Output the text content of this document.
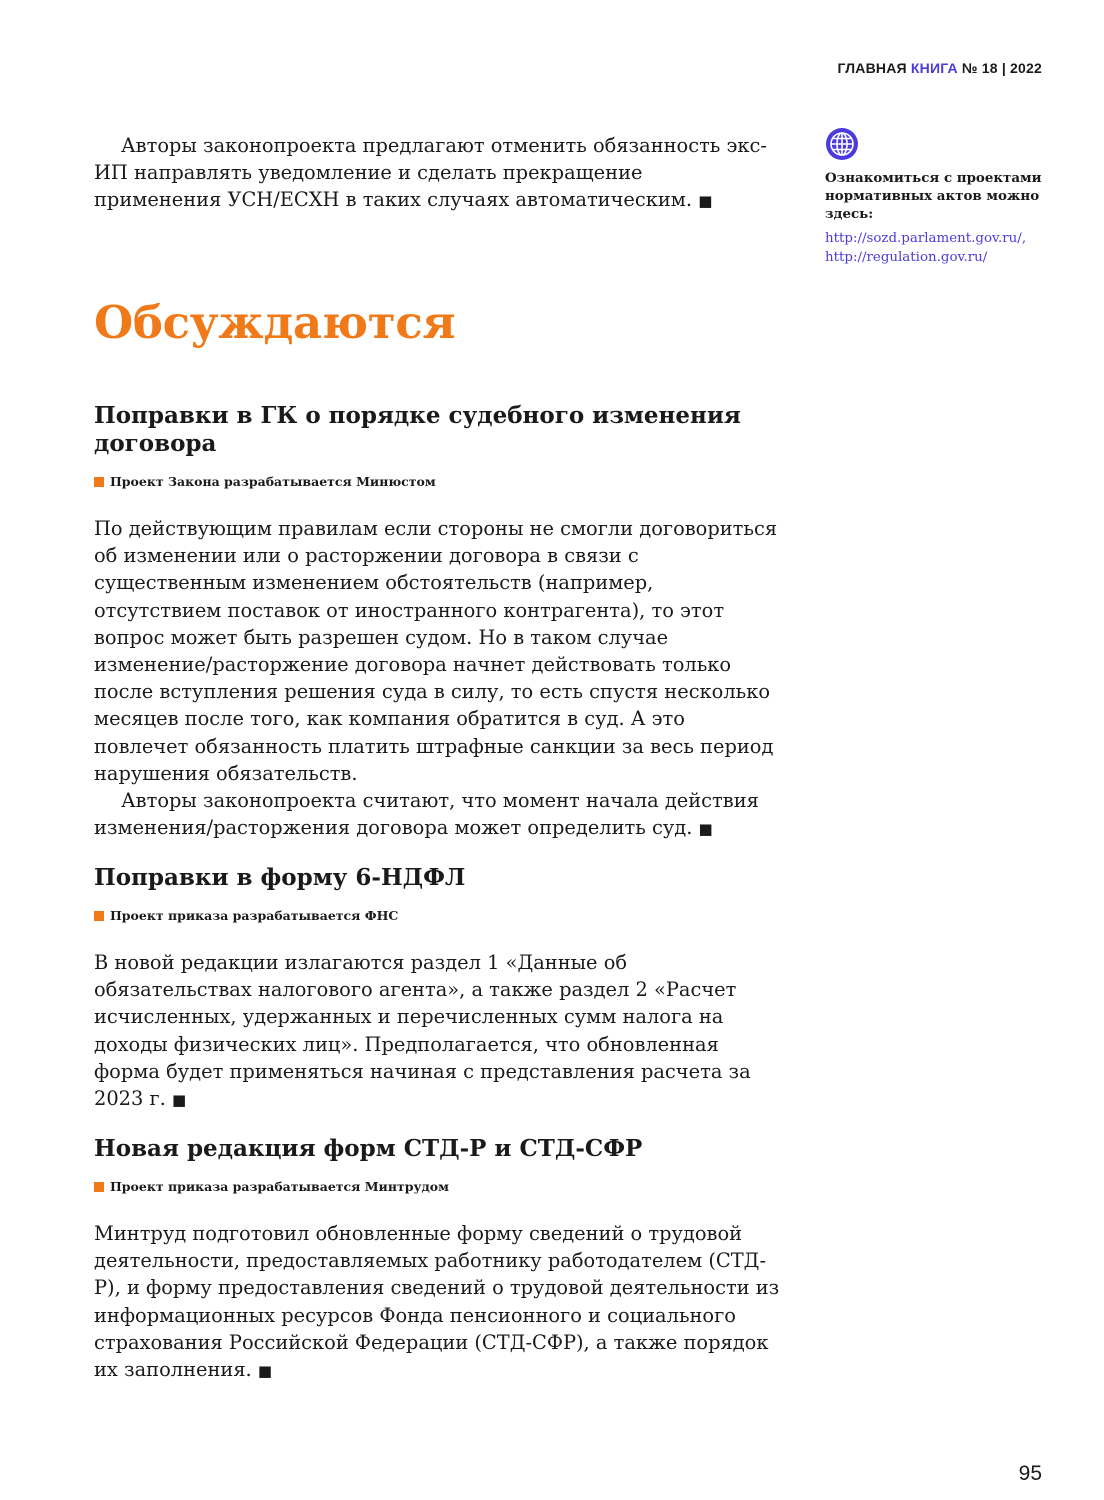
ГЛАВНАЯ КНИГА № 18 | 2022

Авторы законопроекта предлагают отменить обязанность экс-ИП направлять уведомление и сделать прекращение применения УСН/ЕСХН в таких случаях автоматическим. ■

Ознакомиться с проектами нормативных актов можно здесь:

http://sozd.parlament.gov.ru/,
http://regulation.gov.ru/
Обсуждаются
Поправки в ГК о порядке судебного изменения договора
Проект Закона разрабатывается Минюстом

По действующим правилам если стороны не смогли договориться об изменении или о расторжении договора в связи с существенным изменением обстоятельств (например, отсутствием поставок от иностранного контрагента), то этот вопрос может быть разрешен судом. Но в таком случае изменение/расторжение договора начнет действовать только после вступления решения суда в силу, то есть спустя несколько месяцев после того, как компания обратится в суд. А это повлечет обязанность платить штрафные санкции за весь период нарушения обязательств.

Авторы законопроекта считают, что момент начала действия изменения/расторжения договора может определить суд. ■

Поправки в форму 6-НДФЛ
Проект приказа разрабатывается ФНС

В новой редакции излагаются раздел 1 «Данные об обязательствах налогового агента», а также раздел 2 «Расчет исчисленных, удержанных и перечисленных сумм налога на доходы физических лиц». Предполагается, что обновленная форма будет применяться начиная с представления расчета за 2023 г. ■

Новая редакция форм СТД-Р и СТД-СФР
Проект приказа разрабатывается Минтрудом

Минтруд подготовил обновленные форму сведений о трудовой деятельности, предоставляемых работнику работодателем (СТД-Р), и форму предоставления сведений о трудовой деятельности из информационных ресурсов Фонда пенсионного и социального страхования Российской Федерации (СТД-СФР), а также порядок их заполнения. ■

95
